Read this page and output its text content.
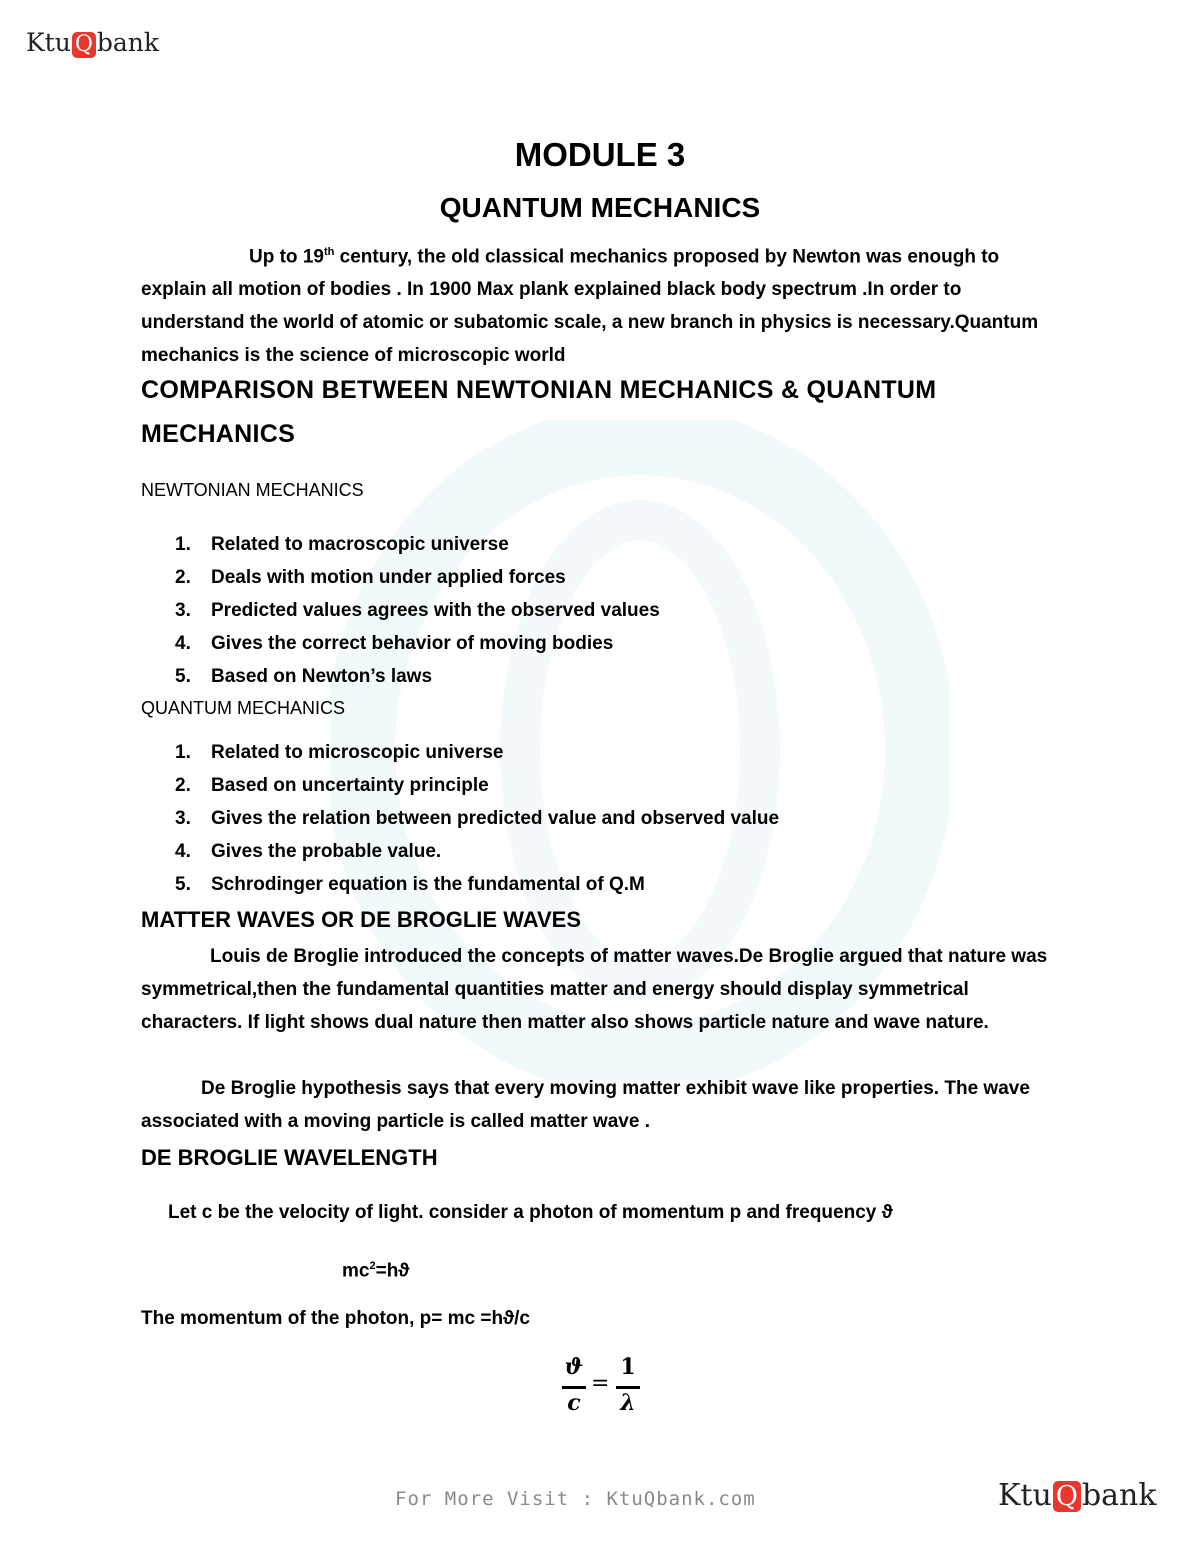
Ktu Q bank
MODULE 3
QUANTUM MECHANICS
Up to 19th century, the old classical mechanics proposed by Newton was enough to
explain all motion of bodies . In 1900 Max plank explained black body spectrum .In order to understand the world of atomic or subatomic scale, a new branch in physics is necessary.Quantum mechanics is the science of microscopic world
COMPARISON BETWEEN NEWTONIAN MECHANICS & QUANTUM MECHANICS
NEWTONIAN MECHANICS
1. Related to macroscopic universe
2. Deals with motion under applied forces
3. Predicted values agrees with the observed values
4. Gives the correct behavior of moving bodies
5. Based on Newton’s laws
QUANTUM MECHANICS
1. Related to microscopic universe
2. Based on uncertainty principle
3. Gives the relation between predicted value and observed value
4. Gives the probable value.
5. Schrodinger equation is the fundamental of Q.M
MATTER WAVES OR DE BROGLIE WAVES
Louis de Broglie introduced the concepts of matter waves.De Broglie argued that nature was symmetrical,then the fundamental quantities matter and energy should display symmetrical characters. If light shows dual nature then matter also shows particle nature and wave nature.
De Broglie hypothesis says that every moving matter exhibit wave like properties. The wave associated with a moving particle is called matter wave .
DE BROGLIE WAVELENGTH
Let c be the velocity of light. consider a photon of momentum p and frequency ϑ
$mc^2=hϑ$
The momentum of the photon, p= mc =hϑ/c
ϑ
c
=
1
λ
For More Visit : KtuQbank.com	Ktu Q bank
